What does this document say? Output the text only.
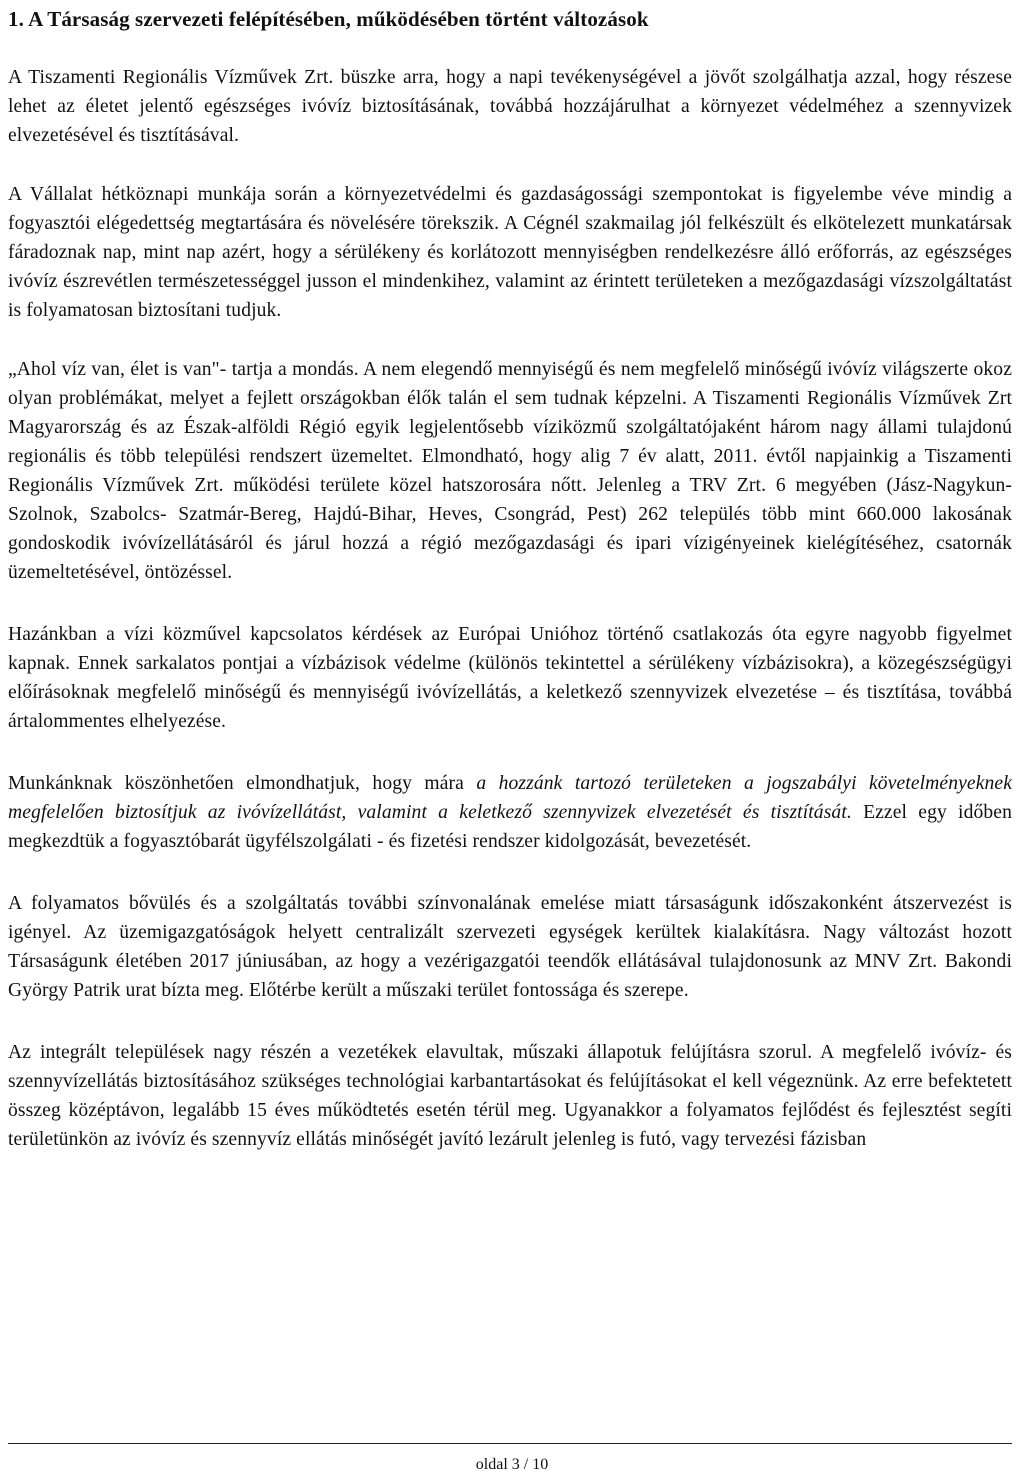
1. A Társaság szervezeti felépítésében, működésében történt változások

A Tiszamenti Regionális Vízművek Zrt. büszke arra, hogy a napi tevékenységével a jövőt szolgálhatja azzal, hogy részese lehet az életet jelentő egészséges ivóvíz biztosításának, továbbá hozzájárulhat a környezet védelméhez a szennyvizek elvezetésével és tisztításával.

A Vállalat hétköznapi munkája során a környezetvédelmi és gazdaságossági szempontokat is figyelembe véve mindig a fogyasztói elégedettség megtartására és növelésére törekszik. A Cégnél szakmailag jól felkészült és elkötelezett munkatársak fáradoznak nap, mint nap azért, hogy a sérülékeny és korlátozott mennyiségben rendelkezésre álló erőforrás, az egészséges ivóvíz észrevétlen természetességgel jusson el mindenkihez, valamint az érintett területeken a mezőgazdasági vízszolgáltatást is folyamatosan biztosítani tudjuk.

„Ahol víz van, élet is van"- tartja a mondás. A nem elegendő mennyiségű és nem megfelelő minőségű ivóvíz világszerte okoz olyan problémákat, melyet a fejlett országokban élők talán el sem tudnak képzelni. A Tiszamenti Regionális Vízművek Zrt Magyarország és az Észak-alföldi Régió egyik legjelentősebb víziközmű szolgáltatójaként három nagy állami tulajdonú regionális és több települési rendszert üzemeltet. Elmondható, hogy alig 7 év alatt, 2011. évtől napjainkig a Tiszamenti Regionális Vízművek Zrt. működési területe közel hatszorosára nőtt. Jelenleg a TRV Zrt. 6 megyében (Jász-Nagykun-Szolnok, Szabolcs- Szatmár-Bereg, Hajdú-Bihar, Heves, Csongrád, Pest) 262 település több mint 660.000 lakosának gondoskodik ivóvízellátásáról és járul hozzá a régió mezőgazdasági és ipari vízigényeinek kielégítéséhez, csatornák üzemeltetésével, öntözéssel.

Hazánkban a vízi közművel kapcsolatos kérdések az Európai Unióhoz történő csatlakozás óta egyre nagyobb figyelmet kapnak. Ennek sarkalatos pontjai a vízbázisok védelme (különös tekintettel a sérülékeny vízbázisokra), a közegészségügyi előírásoknak megfelelő minőségű és mennyiségű ivóvízellátás, a keletkező szennyvizek elvezetése – és tisztítása, továbbá ártalommentes elhelyezése.

Munkánknak köszönhetően elmondhatjuk, hogy mára a hozzánk tartozó területeken a jogszabályi követelményeknek megfelelően biztosítjuk az ivóvízellátást, valamint a keletkező szennyvizek elvezetését és tisztítását. Ezzel egy időben megkezdtük a fogyasztóbarát ügyfélszolgálati - és fizetési rendszer kidolgozását, bevezetését.

A folyamatos bővülés és a szolgáltatás további színvonalának emelése miatt társaságunk időszakonként átszervezést is igényel. Az üzemigazgatóságok helyett centralizált szervezeti egységek kerültek kialakításra. Nagy változást hozott Társaságunk életében 2017 júniusában, az hogy a vezérigazgatói teendők ellátásával tulajdonosunk az MNV Zrt. Bakondi György Patrik urat bízta meg. Előtérbe került a műszaki terület fontossága és szerepe.

Az integrált települések nagy részén a vezetékek elavultak, műszaki állapotuk felújításra szorul. A megfelelő ivóvíz- és szennyvízellátás biztosításához szükséges technológiai karbantartásokat és felújításokat el kell végeznünk. Az erre befektetett összeg középtávon, legalább 15 éves működtetés esetén térül meg. Ugyanakkor a folyamatos fejlődést és fejlesztést segíti területünkön az ivóvíz és szennyvíz ellátás minőségét javító lezárult jelenleg is futó, vagy tervezési fázisban

oldal 3 / 10
